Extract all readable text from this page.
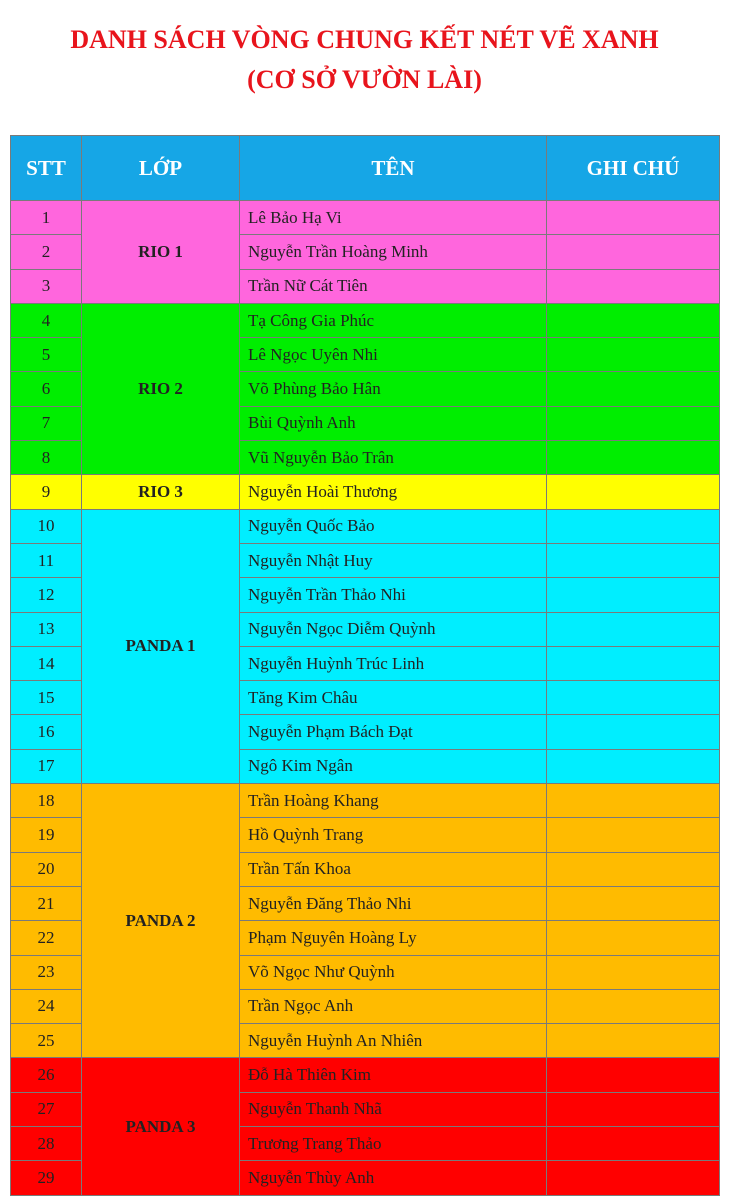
DANH SÁCH VÒNG CHUNG KẾT NÉT VẼ XANH
(CƠ SỞ VƯỜN LÀI)
STT	LỚP	TÊN	GHI CHÚ
1	RIO 1	Lê Bảo Hạ Vi	
2		Nguyễn Trần Hoàng Minh	
3		Trần Nữ Cát Tiên	
4	RIO 2	Tạ Công Gia Phúc	
5		Lê Ngọc Uyên Nhi	
6		Võ Phùng Bảo Hân	
7		Bùi Quỳnh Anh	
8		Vũ Nguyễn Bảo Trân	
9	RIO 3	Nguyễn Hoài Thương	
10	PANDA 1	Nguyễn Quốc Bảo	
11		Nguyễn Nhật Huy	
12		Nguyễn Trần Thảo Nhi	
13		Nguyễn Ngọc Diễm Quỳnh	
14		Nguyễn Huỳnh Trúc Linh	
15		Tăng Kim Châu	
16		Nguyễn Phạm Bách Đạt	
17		Ngô Kim Ngân	
18	PANDA 2	Trần Hoàng Khang	
19		Hồ Quỳnh Trang	
20		Trần Tấn Khoa	
21		Nguyễn Đăng Thảo Nhi	
22		Phạm Nguyên Hoàng Ly	
23		Võ Ngọc Như Quỳnh	
24		Trần Ngọc Anh	
25		Nguyễn Huỳnh An Nhiên	
26	PANDA 3	Đỗ Hà Thiên Kim	
27		Nguyễn Thanh Nhã	
28		Trương Trang Thảo	
29		Nguyễn Thùy Anh	
